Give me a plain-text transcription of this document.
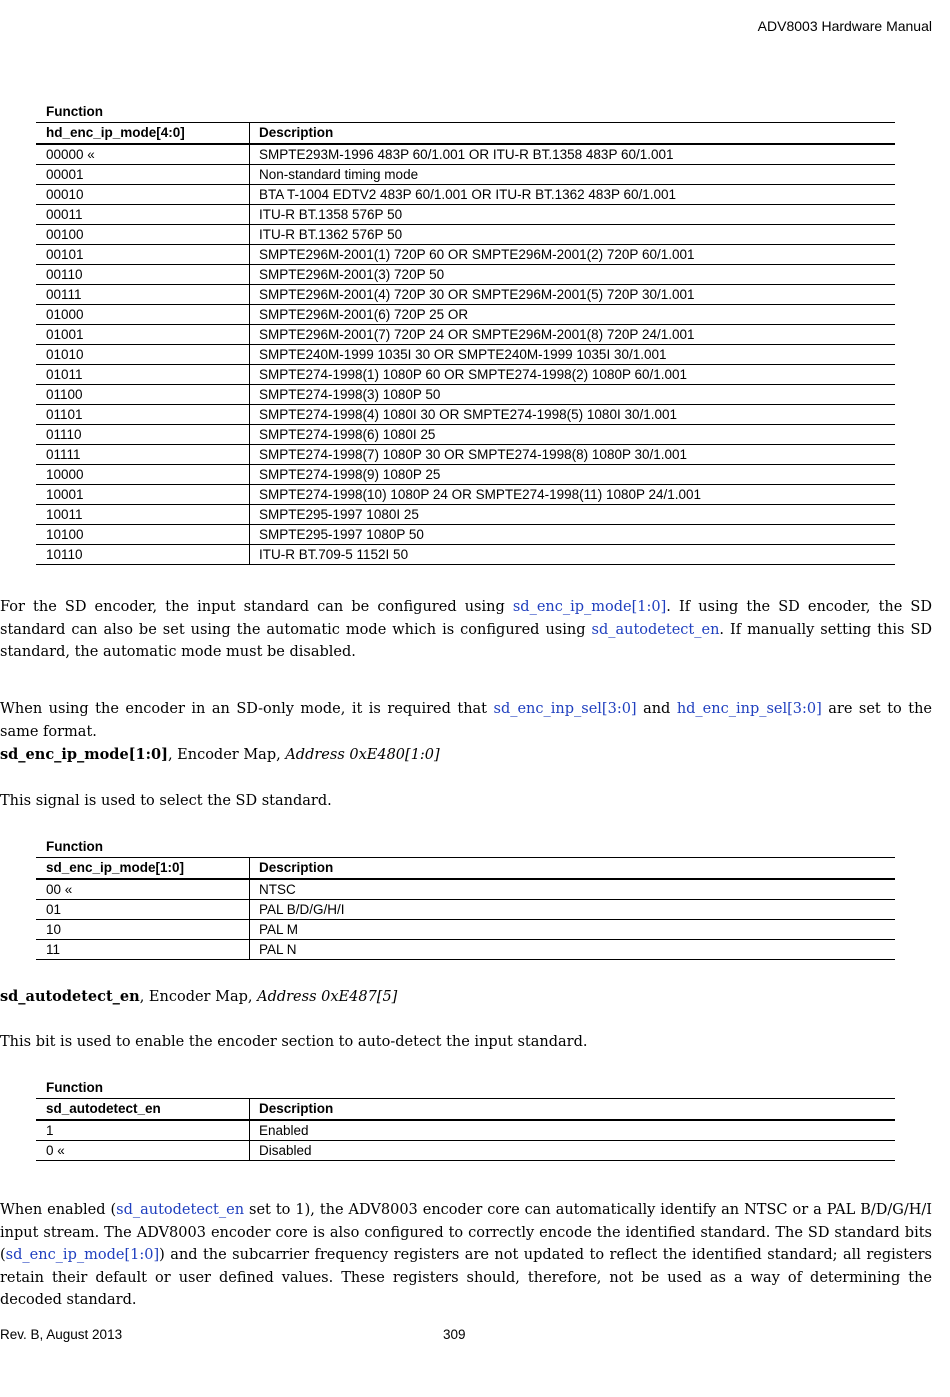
ADV8003 Hardware Manual
Function
hd_enc_ip_mode[4:0]	Description
00000 «	SMPTE293M-1996 483P 60/1.001 OR ITU-R BT.1358 483P 60/1.001
00001	Non-standard timing mode
00010	BTA T-1004 EDTV2 483P 60/1.001 OR ITU-R BT.1362 483P 60/1.001
00011	ITU-R BT.1358 576P 50
00100	ITU-R BT.1362 576P 50
00101	SMPTE296M-2001(1) 720P 60 OR SMPTE296M-2001(2) 720P 60/1.001
00110	SMPTE296M-2001(3) 720P 50
00111	SMPTE296M-2001(4) 720P 30 OR SMPTE296M-2001(5) 720P 30/1.001
01000	SMPTE296M-2001(6) 720P 25 OR
01001	SMPTE296M-2001(7) 720P 24 OR SMPTE296M-2001(8) 720P 24/1.001
01010	SMPTE240M-1999 1035I 30 OR SMPTE240M-1999 1035I 30/1.001
01011	SMPTE274-1998(1) 1080P 60 OR SMPTE274-1998(2) 1080P 60/1.001
01100	SMPTE274-1998(3) 1080P 50
01101	SMPTE274-1998(4) 1080I 30 OR SMPTE274-1998(5) 1080I 30/1.001
01110	SMPTE274-1998(6) 1080I 25
01111	SMPTE274-1998(7) 1080P 30 OR SMPTE274-1998(8) 1080P 30/1.001
10000	SMPTE274-1998(9) 1080P 25
10001	SMPTE274-1998(10) 1080P 24 OR SMPTE274-1998(11) 1080P 24/1.001
10011	SMPTE295-1997 1080I 25
10100	SMPTE295-1997 1080P 50
10110	ITU-R BT.709-5 1152I 50

For the SD encoder, the input standard can be configured using sd_enc_ip_mode[1:0]. If using the SD encoder, the SD standard can also be set using the automatic mode which is configured using sd_autodetect_en. If manually setting this SD standard, the automatic mode must be disabled.

When using the encoder in an SD-only mode, it is required that sd_enc_inp_sel[3:0] and hd_enc_inp_sel[3:0] are set to the same format.

sd_enc_ip_mode[1:0], Encoder Map, Address 0xE480[1:0]
This signal is used to select the SD standard.
Function
sd_enc_ip_mode[1:0]	Description
00 «	NTSC
01	PAL B/D/G/H/I
10	PAL M
11	PAL N
sd_autodetect_en, Encoder Map, Address 0xE487[5]
This bit is used to enable the encoder section to auto-detect the input standard.
Function
sd_autodetect_en	Description
1	Enabled
0 «	Disabled

When enabled (sd_autodetect_en set to 1), the ADV8003 encoder core can automatically identify an NTSC or a PAL B/D/G/H/I input stream. The ADV8003 encoder core is also configured to correctly encode the identified standard. The SD standard bits (sd_enc_ip_mode[1:0]) and the subcarrier frequency registers are not updated to reflect the identified standard; all registers retain their default or user defined values. These registers should, therefore, not be used as a way of determining the decoded standard.

Rev. B, August 2013	309
